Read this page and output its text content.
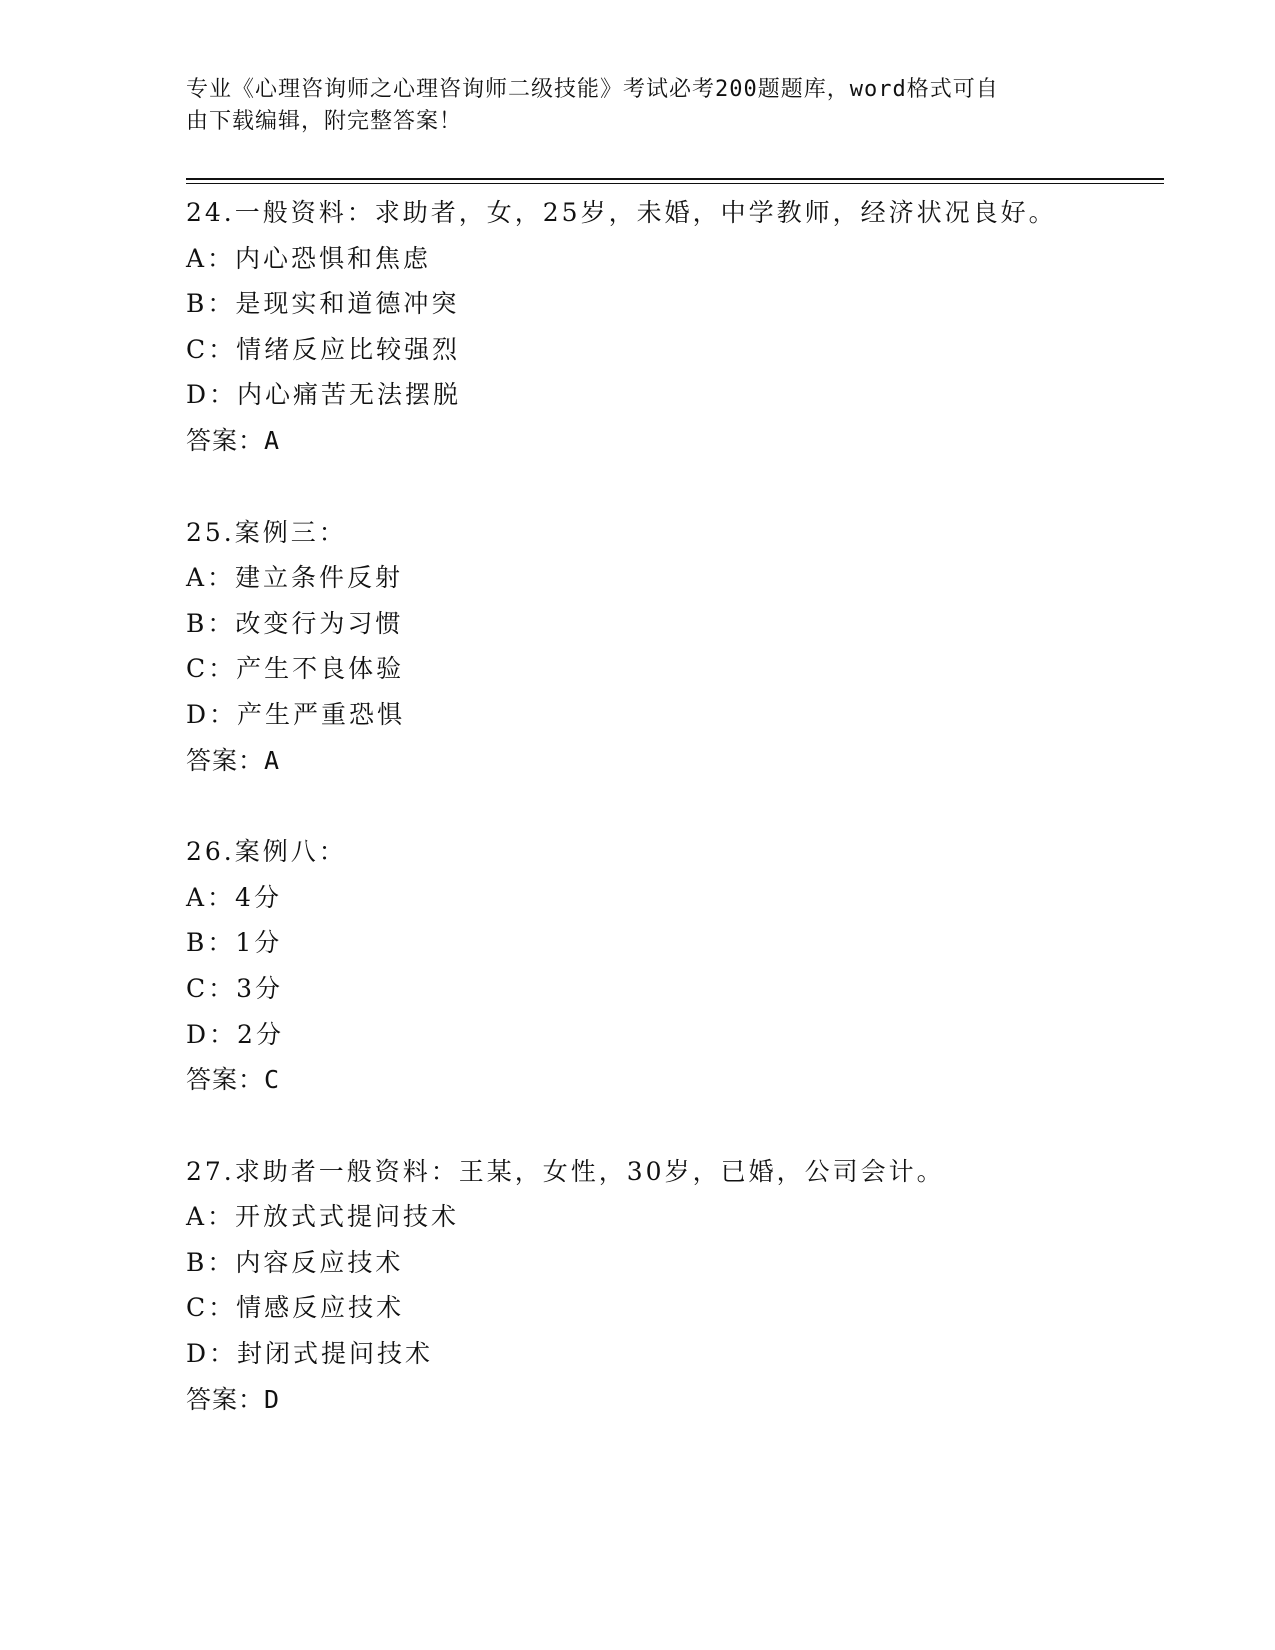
专业《心理咨询师之心理咨询师二级技能》考试必考200题题库，word格式可自
由下载编辑，附完整答案！
24.一般资料：求助者，女，25岁，未婚，中学教师，经济状况良好。
A：内心恐惧和焦虑
B：是现实和道德冲突
C：情绪反应比较强烈
D：内心痛苦无法摆脱
答案：A
25.案例三：
A：建立条件反射
B：改变行为习惯
C：产生不良体验
D：产生严重恐惧
答案：A
26.案例八：
A：4分
B：1分
C：3分
D：2分
答案：C
27.求助者一般资料：王某，女性，30岁，已婚，公司会计。
A：开放式式提问技术
B：内容反应技术
C：情感反应技术
D：封闭式提问技术
答案：D
